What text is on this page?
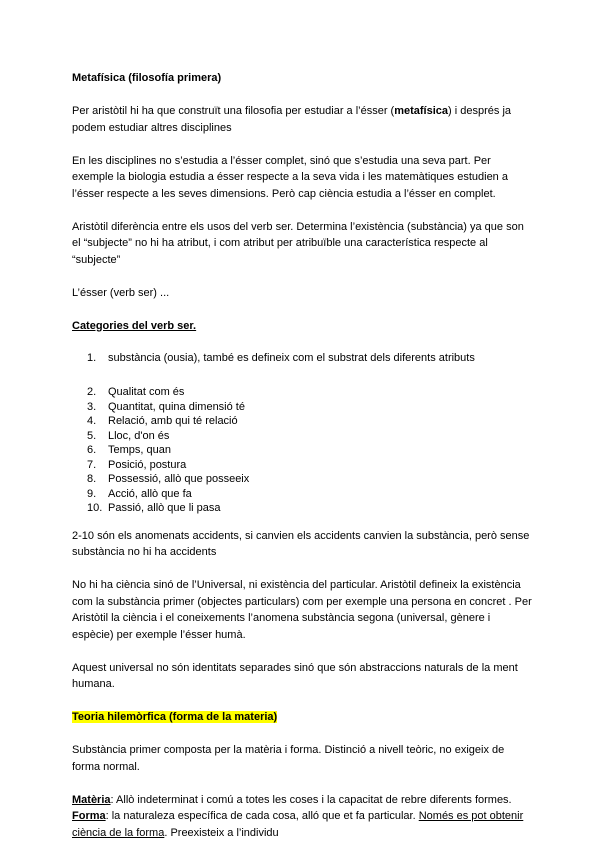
Metafísica (filosofía primera)

Per aristòtil hi ha que construït una filosofia per estudiar a l’ésser (metafísica) i després ja podem estudiar altres disciplines

En les disciplines no s’estudia a l’ésser complet, sinó que s’estudia una seva part. Per exemple la biologia estudia a ésser respecte a la seva vida i les matemàtiques estudien a l’ésser respecte a les seves dimensions. Però cap ciència estudia a l’ésser en complet.

Aristòtil diferència entre els usos del verb ser. Determina l’existència (substància) ya que son el “subjecte” no hi ha atribut, i com atribut per atribuïble una característica respecte al “subjecte”

L’ésser (verb ser) ...

Categories del verb ser.

1.	substància (ousia), també es defineix com el substrat dels diferents atributs
2.	Qualitat com és
3.	Quantitat, quina dimensió té
4.	Relació, amb qui té relació
5.	Lloc, d'on és
6.	Temps, quan
7.	Posició, postura
8.	Possessió, allò que posseeix
9.	Acció, allò que fa
10. Passió, allò que li pasa

2-10 són els anomenats accidents, si canvien els accidents canvien la substància, però sense substància no hi ha accidents

No hi ha ciència sinó de l’Universal, ni existència del particular. Aristòtil defineix la existència com la substància primer (objectes particulars) com per exemple una persona en concret . Per Aristòtil la ciència i el coneixements l’anomena substància segona (universal, gènere i espècie) per exemple l’ésser humà.

Aquest universal no són identitats separades sinó que són abstraccions naturals de la ment humana.

Teoria hilemòrfica (forma de la materia)

Substància primer composta per la matèria i forma. Distinció a nivell teòric, no exigeix de forma normal.

Matèria: Allò indeterminat i comú a totes les coses i la capacitat de rebre diferents formes.
Forma: la naturaleza específica de cada cosa, alló que et fa particular. Només es pot obtenir ciència de la forma. Preexisteix a l’individu
